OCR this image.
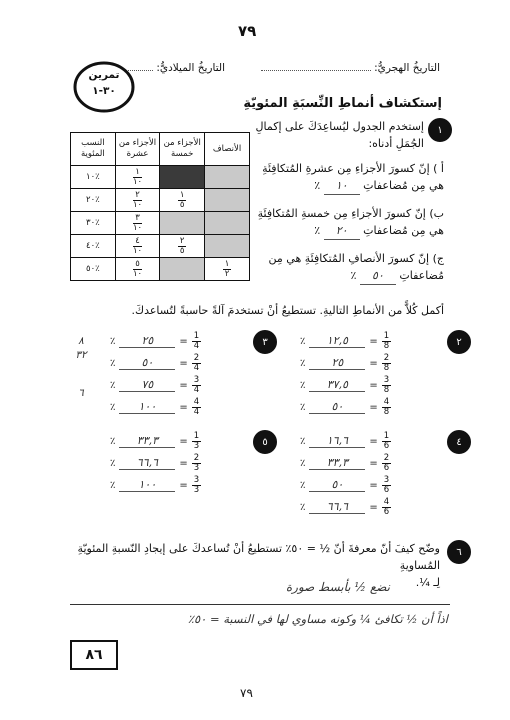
٧٩
التاريخُ الهجريُّ:
التاريخُ الميلاديُّ:
تمرين
٣٠-١
إستكشاف أنماطِ النِّسبَةِ المئويّةِ
١
إستخدم الجدول ليُساعِدَكَ على إكمالِ
الجُمَلِ أدناه:
أ ) إنّ كسورَ الأجزاءِ مِن عشرةِ المُتكافِئَةِ
هي مِن مُضاعفاتِ ١٠ ٪
ب) إنّ كسورَ الأجزاءِ مِن خمسةِ المُتكافِئَةِ
هي مِن مُضاعفاتِ ٢٠ ٪
ج) إنّ كسورَ الأنصافِ المُتكافِئَةِ هي مِن
مُضاعفاتِ ٥٠ ٪
الأنصاف	الأجزاء من خمسة	الأجزاء من عشرة	النسب المئوية

		$\frac{١}{١٠}$	٪١٠

	$\frac{١}{٥}$	$\frac{٢}{١٠}$	٪٢٠

		$\frac{٣}{١٠}$	٪٣٠

	$\frac{٢}{٥}$	$\frac{٤}{١٠}$	٪٤٠

$\frac{١}{٢}$		$\frac{٥}{١٠}$	٪٥٠
أكمل كُلاًّ من الأنماطِ التاليةِ. تستطيعُ أنْ تستخدمَ آلةً حاسبةً لتُساعدكَ.
٨
٣٢
٦
٢
٪	١٢,٥	= $\frac{1}{8}$
٪	٢٥	= $\frac{2}{8}$
٪	٣٧,٥	= $\frac{3}{8}$
٪	٥٠	= $\frac{4}{8}$
٣
٪	٢٥	= $\frac{1}{4}$
٪	٥٠	= $\frac{2}{4}$
٪	٧٥	= $\frac{3}{4}$
٪	١٠٠	= $\frac{4}{4}$
٤
٪	١٦,٦	= $\frac{1}{6}$
٪	٣٣,٣	= $\frac{2}{6}$
٪	٥٠	= $\frac{3}{6}$
٪	٦٦,٦	= $\frac{4}{6}$
٥
٪	٣٣,٣	= $\frac{1}{3}$
٪	٦٦,٦	= $\frac{2}{3}$
٪	١٠٠	= $\frac{3}{3}$
٦
وضّح كيفَ أنّ معرفةَ أنّ ½ = ٥٠٪ تستطيعُ أنْ تُساعدكَ على إيجادِ النّسبةِ المئويّةِ المُساويةِ
لِـ ¼.
نضع ½ بأبسط صورة
اذاً أن ½ تكافئ ¼ وكونه مساوي لها في النسبة = ٥٠٪
٨٦
٧٩
